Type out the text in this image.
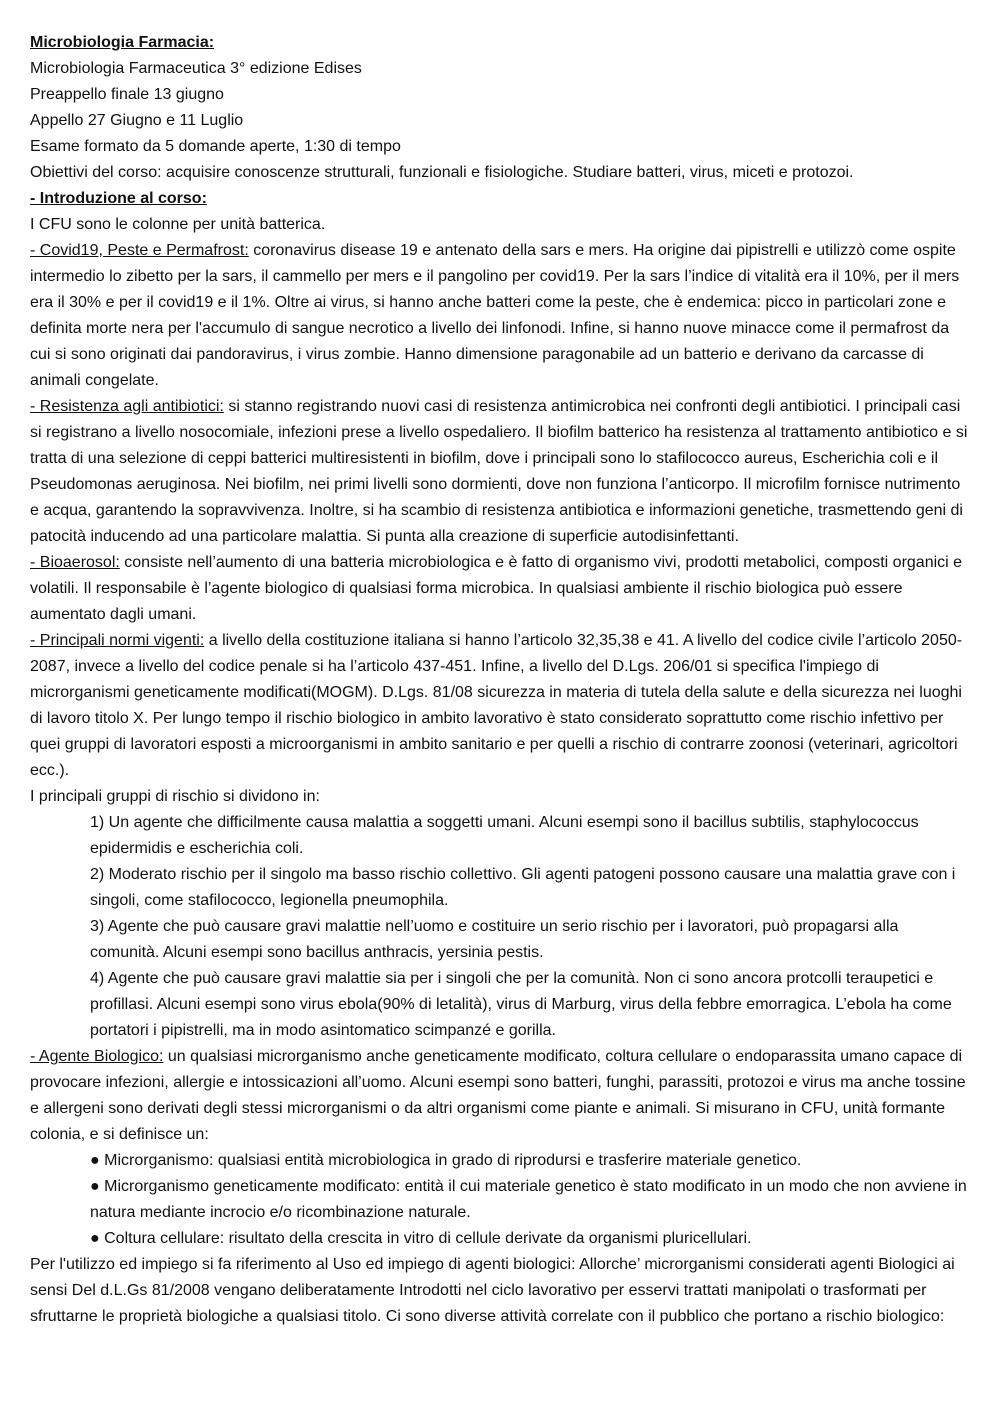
Microbiologia Farmacia:

Microbiologia Farmaceutica 3° edizione Edises

Preappello finale 13 giugno

Appello 27 Giugno e 11 Luglio

Esame formato da 5 domande aperte, 1:30 di tempo

Obiettivi del corso: acquisire conoscenze strutturali, funzionali e fisiologiche. Studiare batteri, virus, miceti e protozoi.

- Introduzione al corso:

I CFU sono le colonne per unità batterica.

- Covid19, Peste e Permafrost: coronavirus disease 19 e antenato della sars e mers. Ha origine dai pipistrelli e utilizzò come ospite intermedio lo zibetto per la sars, il cammello per mers e il pangolino per covid19. Per la sars l’indice di vitalità era il 10%, per il mers era il 30% e per il covid19 e il 1%. Oltre ai virus, si hanno anche batteri come la peste, che è endemica: picco in particolari zone e definita morte nera per l'accumulo di sangue necrotico a livello dei linfonodi. Infine, si hanno nuove minacce come il permafrost da cui si sono originati dai pandoravirus, i virus zombie. Hanno dimensione paragonabile ad un batterio e derivano da carcasse di animali congelate.

- Resistenza agli antibiotici: si stanno registrando nuovi casi di resistenza antimicrobica nei confronti degli antibiotici. I principali casi si registrano a livello nosocomiale, infezioni prese a livello ospedaliero. Il biofilm batterico ha resistenza al trattamento antibiotico e si tratta di una selezione di ceppi batterici multiresistenti in biofilm, dove i principali sono lo stafilococco aureus, Escherichia coli e il Pseudomonas aeruginosa. Nei biofilm, nei primi livelli sono dormienti, dove non funziona l’anticorpo. Il microfilm fornisce nutrimento e acqua, garantendo la sopravvivenza. Inoltre, si ha scambio di resistenza antibiotica e informazioni genetiche, trasmettendo geni di patocità inducendo ad una particolare malattia. Si punta alla creazione di superficie autodisinfettanti.

- Bioaerosol: consiste nell’aumento di una batteria microbiologica e è fatto di organismo vivi, prodotti metabolici, composti organici e volatili. Il responsabile è l’agente biologico di qualsiasi forma microbica. In qualsiasi ambiente il rischio biologica può essere aumentato dagli umani.

- Principali normi vigenti: a livello della costituzione italiana si hanno l’articolo 32,35,38 e 41. A livello del codice civile l’articolo 2050-2087, invece a livello del codice penale si ha l’articolo 437-451. Infine, a livello del D.Lgs. 206/01 si specifica l'impiego di microrganismi geneticamente modificati(MOGM). D.Lgs. 81/08 sicurezza in materia di tutela della salute e della sicurezza nei luoghi di lavoro titolo X. Per lungo tempo il rischio biologico in ambito lavorativo è stato considerato soprattutto come rischio infettivo per quei gruppi di lavoratori esposti a microorganismi in ambito sanitario e per quelli a rischio di contrarre zoonosi (veterinari, agricoltori ecc.).

I principali gruppi di rischio si dividono in:

1) Un agente che difficilmente causa malattia a soggetti umani. Alcuni esempi sono il bacillus subtilis, staphylococcus epidermidis e escherichia coli.
2) Moderato rischio per il singolo ma basso rischio collettivo. Gli agenti patogeni possono causare una malattia grave con i singoli, come stafilococco, legionella pneumophila.
3) Agente che può causare gravi malattie nell’uomo e costituire un serio rischio per i lavoratori, può propagarsi alla comunità. Alcuni esempi sono bacillus anthracis, yersinia pestis.
4) Agente che può causare gravi malattie sia per i singoli che per la comunità. Non ci sono ancora protcolli teraupetici e profillasi. Alcuni esempi sono virus ebola(90% di letalità), virus di Marburg, virus della febbre emorragica. L’ebola ha come portatori i pipistrelli, ma in modo asintomatico scimpanzé e gorilla.

- Agente Biologico: un qualsiasi microrganismo anche geneticamente modificato, coltura cellulare o endoparassita umano capace di provocare infezioni, allergie e intossicazioni all’uomo. Alcuni esempi sono batteri, funghi, parassiti, protozoi e virus ma anche tossine e allergeni sono derivati degli stessi microrganismi o da altri organismi come piante e animali. Si misurano in CFU, unità formante colonia, e si definisce un:

● Microrganismo: qualsiasi entità microbiologica in grado di riprodursi e trasferire materiale genetico.
● Microrganismo geneticamente modificato: entità il cui materiale genetico è stato modificato in un modo che non avviene in natura mediante incrocio e/o ricombinazione naturale.
● Coltura cellulare: risultato della crescita in vitro di cellule derivate da organismi pluricellulari.

Per l'utilizzo ed impiego si fa riferimento al Uso ed impiego di agenti biologici: Allorche’ microrganismi considerati agenti Biologici ai sensi Del d.L.Gs 81/2008 vengano deliberatamente Introdotti nel ciclo lavorativo per esservi trattati manipolati o trasformati per sfruttarne le proprietà biologiche a qualsiasi titolo. Ci sono diverse attività correlate con il pubblico che portano a rischio biologico:
